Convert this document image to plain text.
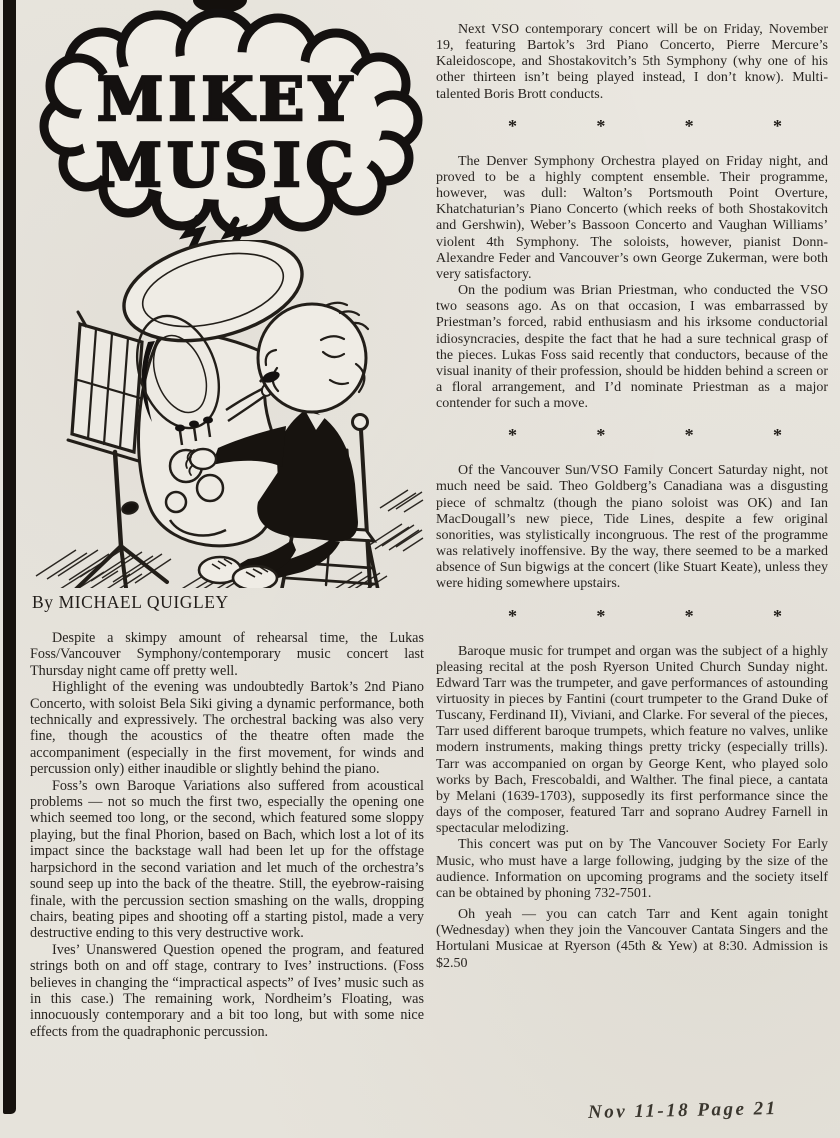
MIKEY
MUSIC
By MICHAEL QUIGLEY

Despite a skimpy amount of rehearsal time, the Lukas Foss/Vancouver Symphony/contemporary music concert last Thursday night came off pretty well.

Highlight of the evening was undoubtedly Bartok’s 2nd Piano Concerto, with soloist Bela Siki giving a dynamic performance, both technically and expressively. The orchestral backing was also very fine, though the acoustics of the theatre often made the accompaniment (especially in the first movement, for winds and percussion only) either inaudible or slightly behind the piano.

Foss’s own Baroque Variations also suffered from acoustical problems — not so much the first two, especially the opening one which seemed too long, or the second, which featured some sloppy playing, but the final Phorion, based on Bach, which lost a lot of its impact since the backstage wall had been let up for the offstage harpsichord in the second variation and let much of the orchestra’s sound seep up into the back of the theatre. Still, the eyebrow-raising finale, with the percussion section smashing on the walls, dropping chairs, beating pipes and shooting off a starting pistol, made a very destructive ending to this very destructive work.

Ives’ Unanswered Question opened the program, and featured strings both on and off stage, contrary to Ives’ instructions. (Foss believes in changing the “impractical aspects” of Ives’ music such as in this case.) The remaining work, Nordheim’s Floating, was innocuously contemporary and a bit too long, but with some nice effects from the quadraphonic percussion.

Next VSO contemporary concert will be on Friday, November 19, featuring Bartok’s 3rd Piano Concerto, Pierre Mercure’s Kaleidoscope, and Shostakovitch’s 5th Symphony (why one of his other thirteen isn’t being played instead, I don’t know). Multi-talented Boris Brott conducts.

*	*	*	*

The Denver Symphony Orchestra played on Friday night, and proved to be a highly comptent ensemble. Their programme, however, was dull: Walton’s Portsmouth Point Overture, Khatchaturian’s Piano Concerto (which reeks of both Shostakovitch and Gershwin), Weber’s Bassoon Concerto and Vaughan Williams’ violent 4th Symphony. The soloists, however, pianist Donn-Alexandre Feder and Vancouver’s own George Zukerman, were both very satisfactory.

On the podium was Brian Priestman, who conducted the VSO two seasons ago. As on that occasion, I was embarrassed by Priestman’s forced, rabid enthusiasm and his irksome conductorial idiosyncracies, despite the fact that he had a sure technical grasp of the pieces. Lukas Foss said recently that conductors, because of the visual inanity of their profession, should be hidden behind a screen or a floral arrangement, and I’d nominate Priestman as a major contender for such a move.

*	*	*	*

Of the Vancouver Sun/VSO Family Concert Saturday night, not much need be said. Theo Goldberg’s Canadiana was a disgusting piece of schmaltz (though the piano soloist was OK) and Ian MacDougall’s new piece, Tide Lines, despite a few original sonorities, was stylistically incongruous. The rest of the programme was relatively inoffensive. By the way, there seemed to be a marked absence of Sun bigwigs at the concert (like Stuart Keate), unless they were hiding somewhere upstairs.

*	*	*	*

Baroque music for trumpet and organ was the subject of a highly pleasing recital at the posh Ryerson United Church Sunday night. Edward Tarr was the trumpeter, and gave performances of astounding virtuosity in pieces by Fantini (court trumpeter to the Grand Duke of Tuscany, Ferdinand II), Viviani, and Clarke. For several of the pieces, Tarr used different baroque trumpets, which feature no valves, unlike modern instruments, making things pretty tricky (especially trills). Tarr was accompanied on organ by George Kent, who played solo works by Bach, Frescobaldi, and Walther. The final piece, a cantata by Melani (1639-1703), supposedly its first performance since the days of the composer, featured Tarr and soprano Audrey Farnell in spectacular melodizing.

This concert was put on by The Vancouver Society For Early Music, who must have a large following, judging by the size of the audience. Information on upcoming programs and the society itself can be obtained by phoning 732-7501.

Oh yeah — you can catch Tarr and Kent again tonight (Wednesday) when they join the Vancouver Cantata Singers and the Hortulani Musicae at Ryerson (45th & Yew) at 8:30. Admission is $2.50

Nov 11-18 Page 21
